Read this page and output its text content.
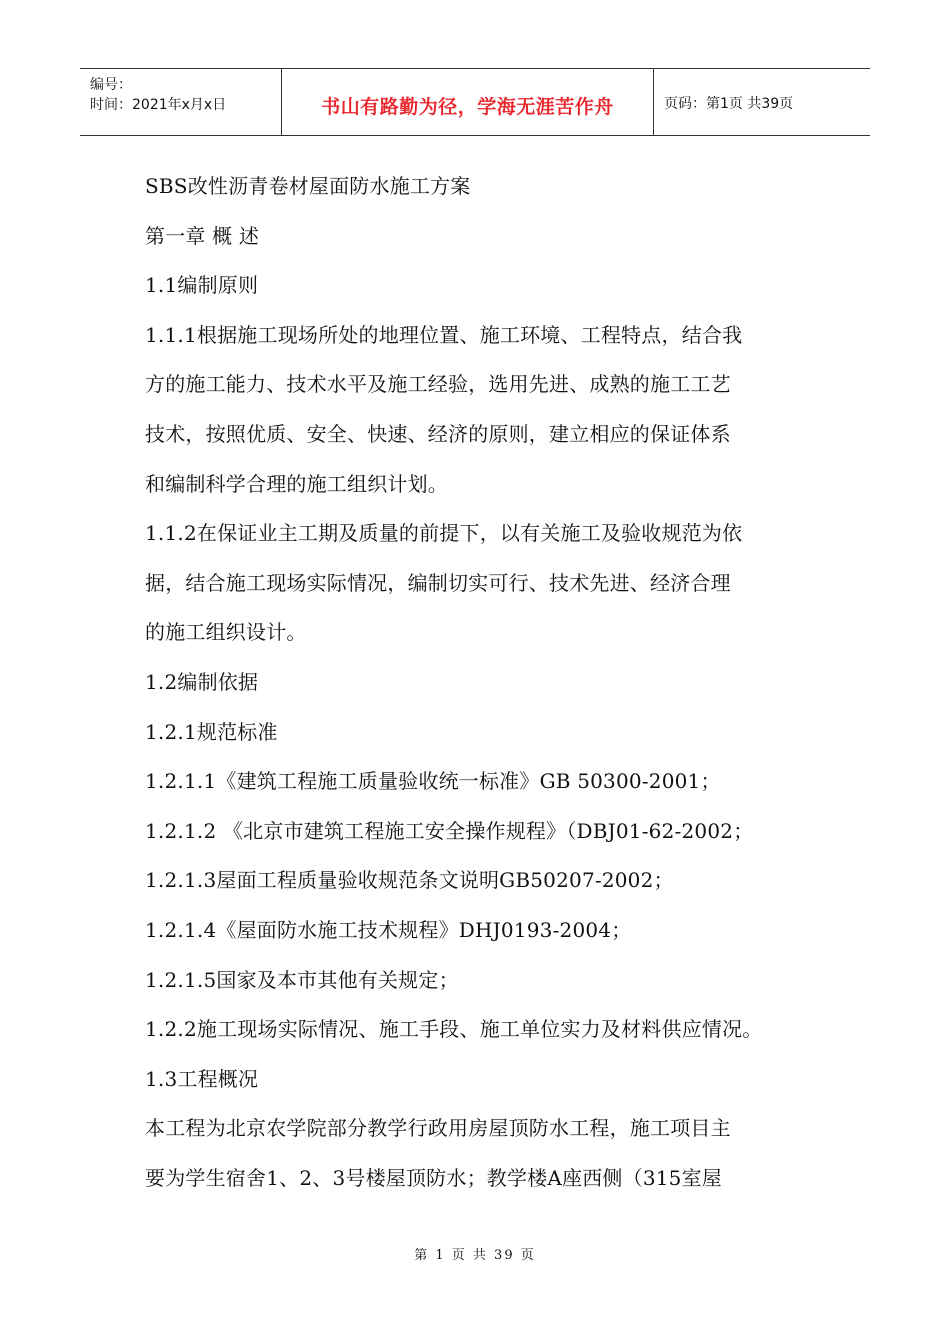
编号：
时间：2021年x月x日	书山有路勤为径，学海无涯苦作舟	页码：第1页 共39页
SBS改性沥青卷材屋面防水施工方案
第一章 概 述
1.1编制原则
1.1.1根据施工现场所处的地理位置、施工环境、工程特点，结合我
方的施工能力、技术水平及施工经验，选用先进、成熟的施工工艺
技术，按照优质、安全、快速、经济的原则，建立相应的保证体系
和编制科学合理的施工组织计划。
1.1.2在保证业主工期及质量的前提下，以有关施工及验收规范为依
据，结合施工现场实际情况，编制切实可行、技术先进、经济合理
的施工组织设计。
1.2编制依据
1.2.1规范标准
1.2.1.1《建筑工程施工质量验收统一标准》GB 50300-2001；
1.2.1.2 《北京市建筑工程施工安全操作规程》（DBJ01-62-2002；
1.2.1.3屋面工程质量验收规范条文说明GB50207-2002；
1.2.1.4《屋面防水施工技术规程》DHJ0193-2004；
1.2.1.5国家及本市其他有关规定；
1.2.2施工现场实际情况、施工手段、施工单位实力及材料供应情况。
1.3工程概况
本工程为北京农学院部分教学行政用房屋顶防水工程，施工项目主
要为学生宿舍1、2、3号楼屋顶防水；教学楼A座西侧（315室屋
第 1 页 共 39 页
